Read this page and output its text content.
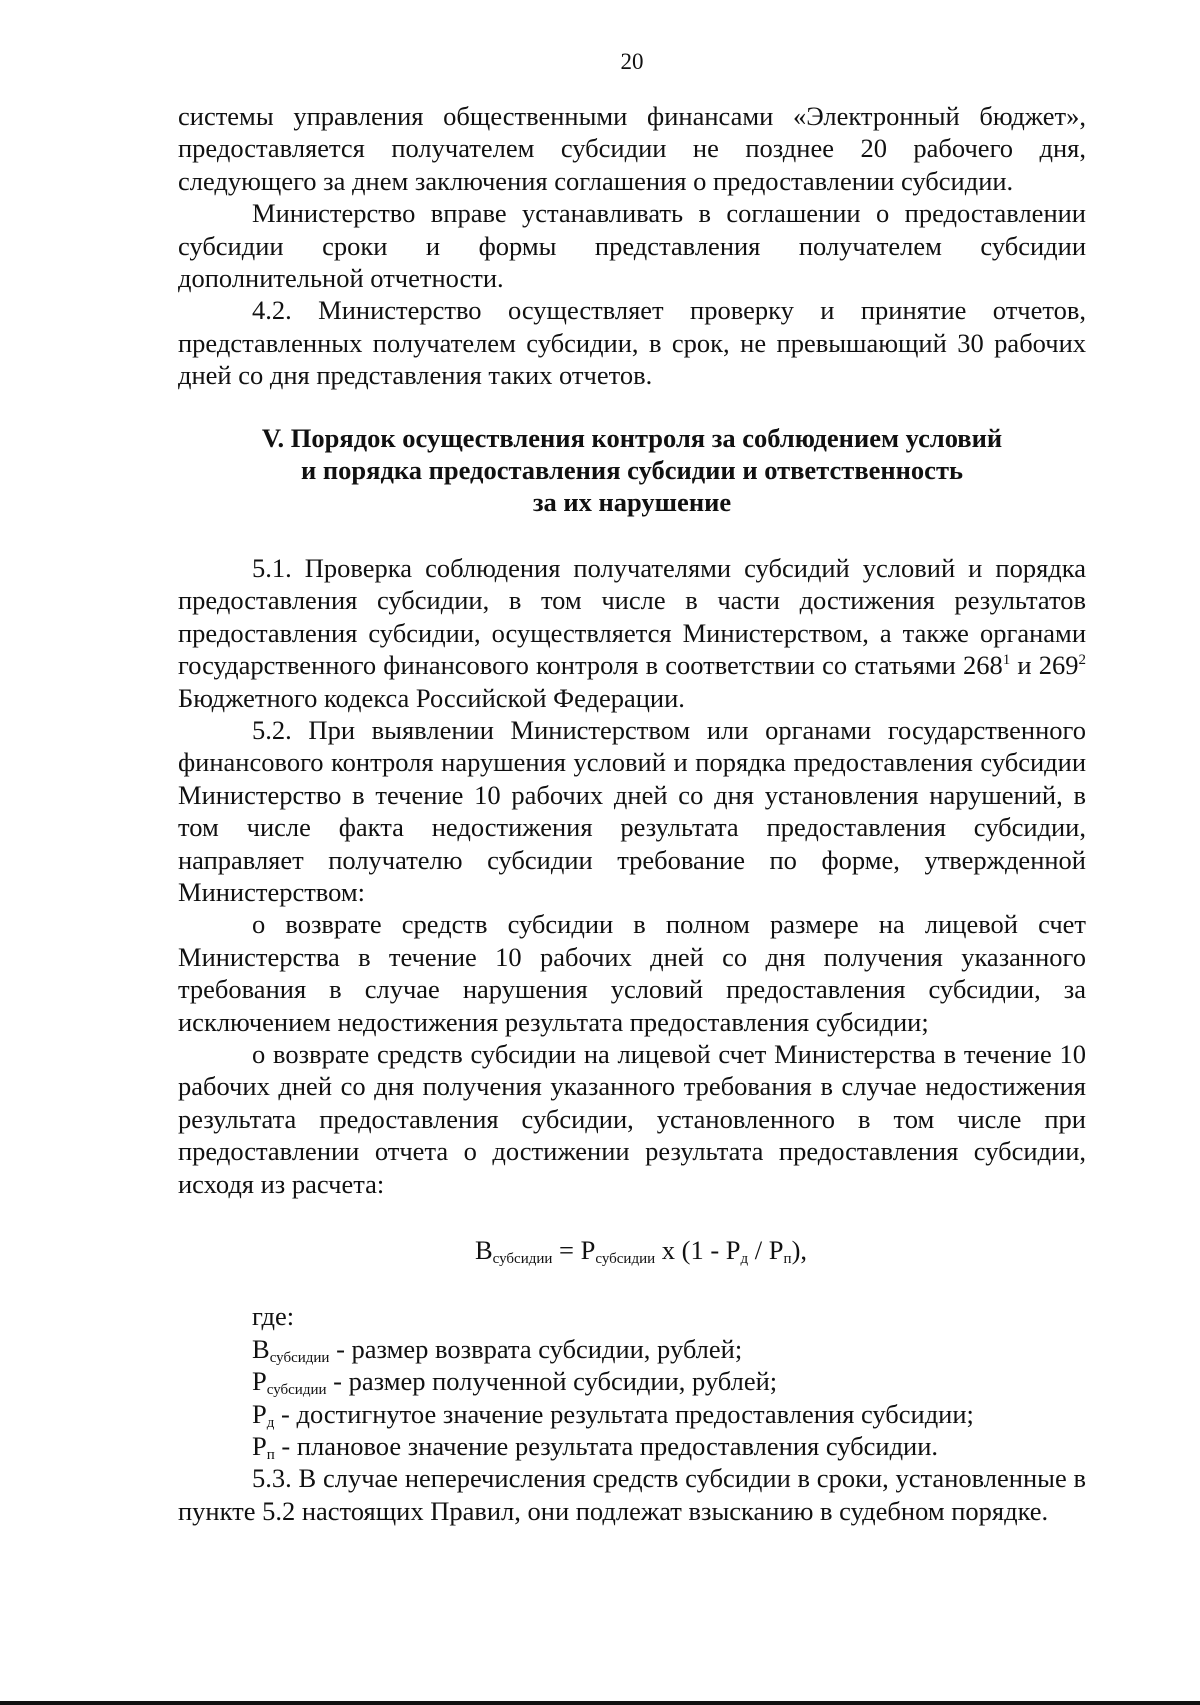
20

системы управления общественными финансами «Электронный бюджет», предоставляется получателем субсидии не позднее 20 рабочего дня, следующего за днем заключения соглашения о предоставлении субсидии.

Министерство вправе устанавливать в соглашении о предоставлении субсидии сроки и формы представления получателем субсидии дополнительной отчетности.

4.2. Министерство осуществляет проверку и принятие отчетов, представленных получателем субсидии, в срок, не превышающий 30 рабочих дней со дня представления таких отчетов.

V. Порядок осуществления контроля за соблюдением условий
и порядка предоставления субсидии и ответственность
за их нарушение

5.1. Проверка соблюдения получателями субсидий условий и порядка предоставления субсидии, в том числе в части достижения результатов предоставления субсидии, осуществляется Министерством, а также органами государственного финансового контроля в соответствии со статьями $268^1$ и $269^2$ Бюджетного кодекса Российской Федерации.

5.2. При выявлении Министерством или органами государственного финансового контроля нарушения условий и порядка предоставления субсидии Министерство в течение 10 рабочих дней со дня установления нарушений, в том числе факта недостижения результата предоставления субсидии, направляет получателю субсидии требование по форме, утвержденной Министерством:

о возврате средств субсидии в полном размере на лицевой счет Министерства в течение 10 рабочих дней со дня получения указанного требования в случае нарушения условий предоставления субсидии, за исключением недостижения результата предоставления субсидии;

о возврате средств субсидии на лицевой счет Министерства в течение 10 рабочих дней со дня получения указанного требования в случае недостижения результата предоставления субсидии, установленного в том числе при предоставлении отчета о достижении результата предоставления субсидии, исходя из расчета:

$В_{субсидии} = Р_{субсидии}$ х $(1 - Р_д / Р_п)$,

где:

$В_{субсидии}$ - размер возврата субсидии, рублей;

$Р_{субсидии}$ - размер полученной субсидии, рублей;

$Р_д$ - достигнутое значение результата предоставления субсидии;

$Р_п$ - плановое значение результата предоставления субсидии.

5.3. В случае неперечисления средств субсидии в сроки, установленные в пункте 5.2 настоящих Правил, они подлежат взысканию в судебном порядке.
